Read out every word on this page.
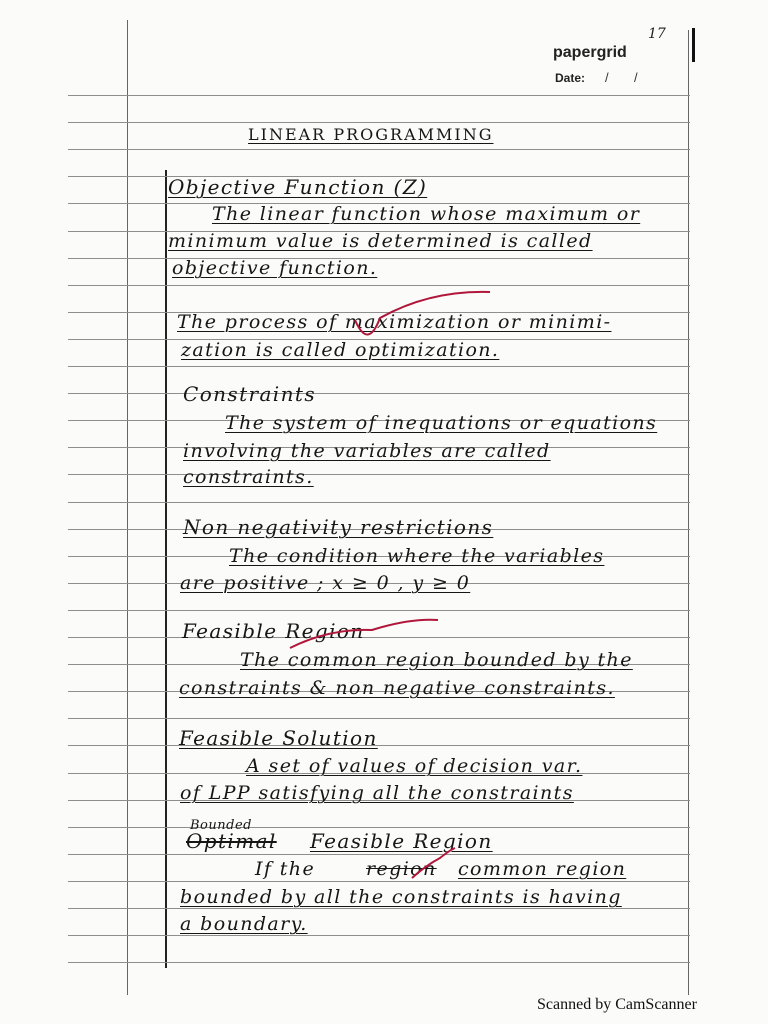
17
papergrid
Date: / /
LINEAR PROGRAMMING
Objective Function (Z)
The linear function whose maximum or
minimum value is determined is called
objective function.
The process of maximization or minimi-
zation is called optimization.
Constraints
The system of inequations or equations
involving the variables are called
constraints.
Non negativity restrictions
The condition where the variables
are positive ; x ≥ 0 , y ≥ 0
Feasible Region
The common region bounded by the
constraints & non negative constraints.
Feasible Solution
A set of values of decision var.
of LPP satisfying all the constraints
Bounded
Optimal Feasible Region
If the	region common region
bounded by all the constraints is having
a boundary.
Scanned by CamScanner
